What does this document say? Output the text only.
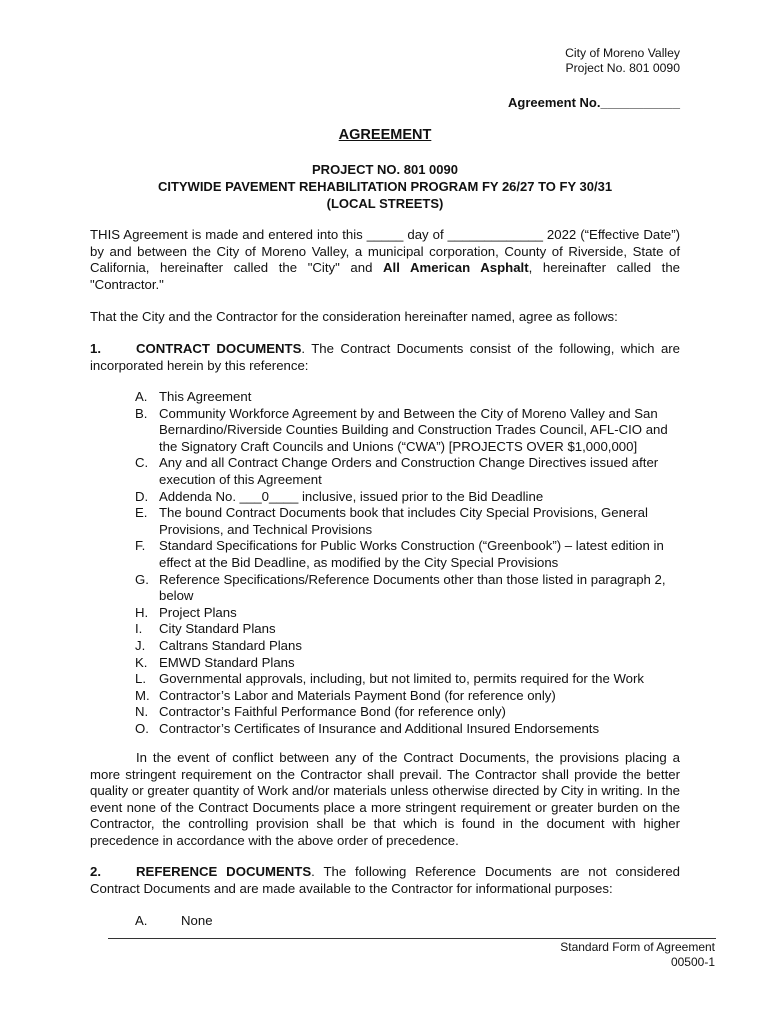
City of Moreno Valley
Project No. 801 0090
Agreement No.___________
AGREEMENT
PROJECT NO. 801 0090
CITYWIDE PAVEMENT REHABILITATION PROGRAM FY 26/27 TO FY 30/31
(LOCAL STREETS)
THIS Agreement is made and entered into this _____ day of _____________ 2022 (“Effective Date”) by and between the City of Moreno Valley, a municipal corporation, County of Riverside, State of California, hereinafter called the "City" and All American Asphalt, hereinafter called the "Contractor."
That the City and the Contractor for the consideration hereinafter named, agree as follows:
1.	CONTRACT DOCUMENTS. The Contract Documents consist of the following, which are incorporated herein by this reference:
A. This Agreement
B. Community Workforce Agreement by and Between the City of Moreno Valley and San Bernardino/Riverside Counties Building and Construction Trades Council, AFL-CIO and the Signatory Craft Councils and Unions (“CWA”) [PROJECTS OVER $1,000,000]
C. Any and all Contract Change Orders and Construction Change Directives issued after execution of this Agreement
D. Addenda No. ___0____ inclusive, issued prior to the Bid Deadline
E. The bound Contract Documents book that includes City Special Provisions, General Provisions, and Technical Provisions
F. Standard Specifications for Public Works Construction (“Greenbook”) – latest edition in effect at the Bid Deadline, as modified by the City Special Provisions
G. Reference Specifications/Reference Documents other than those listed in paragraph 2, below
H. Project Plans
I. City Standard Plans
J. Caltrans Standard Plans
K. EMWD Standard Plans
L. Governmental approvals, including, but not limited to, permits required for the Work
M. Contractor’s Labor and Materials Payment Bond (for reference only)
N. Contractor’s Faithful Performance Bond (for reference only)
O. Contractor’s Certificates of Insurance and Additional Insured Endorsements
In the event of conflict between any of the Contract Documents, the provisions placing a more stringent requirement on the Contractor shall prevail. The Contractor shall provide the better quality or greater quantity of Work and/or materials unless otherwise directed by City in writing. In the event none of the Contract Documents place a more stringent requirement or greater burden on the Contractor, the controlling provision shall be that which is found in the document with higher precedence in accordance with the above order of precedence.
2.	REFERENCE DOCUMENTS. The following Reference Documents are not considered Contract Documents and are made available to the Contractor for informational purposes:
A.	None
Standard Form of Agreement
00500-1
